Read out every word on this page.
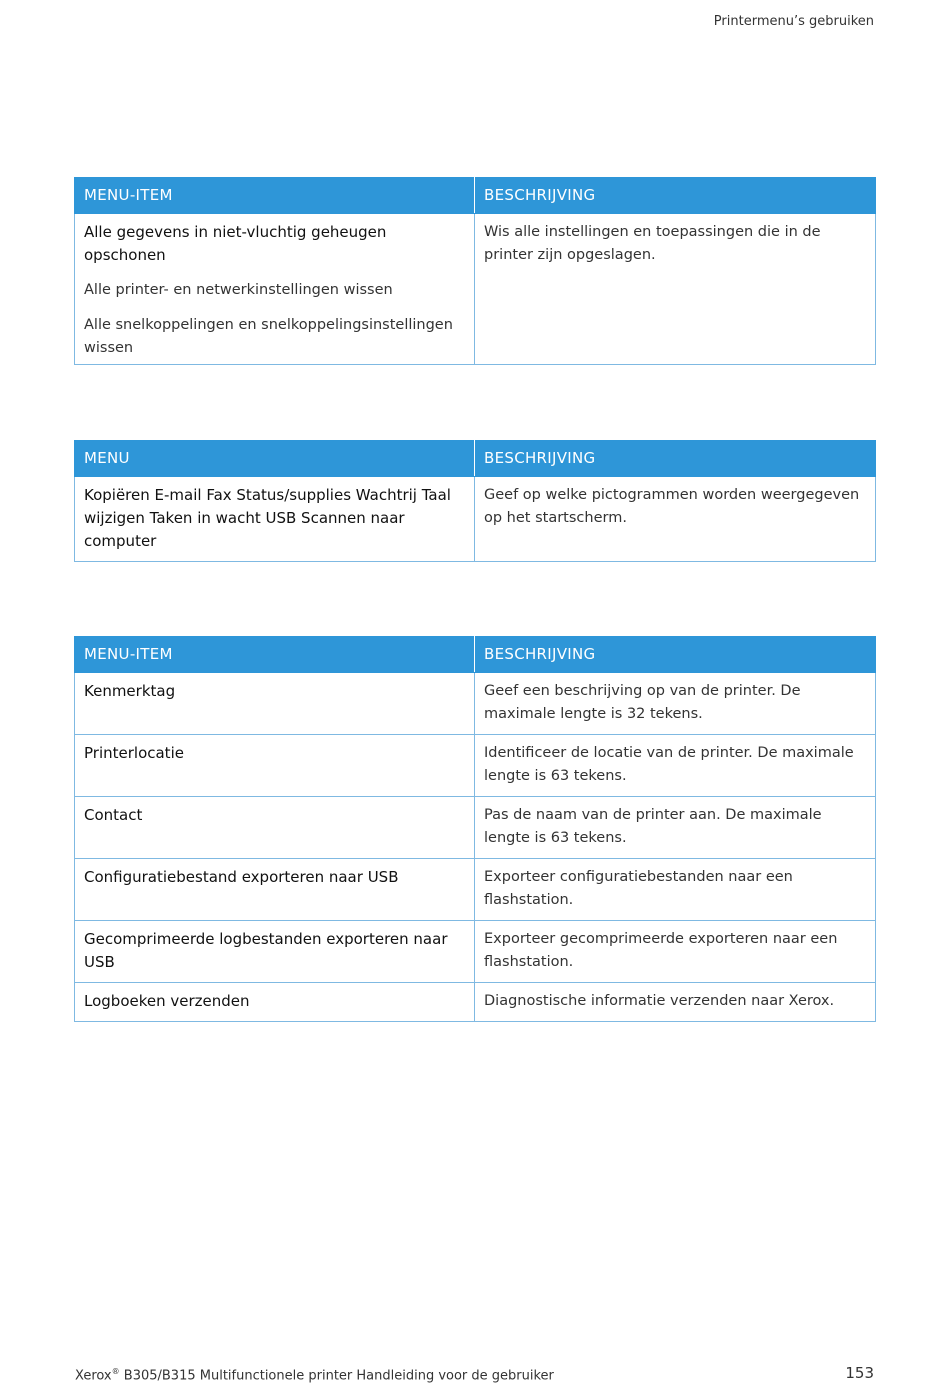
Printermenu’s gebruiken
MENU-ITEM	BESCHRIJVING

Alle gegevens in niet-vluchtig geheugen opschonen
Alle printer- en netwerkinstellingen wissen
Alle snelkoppelingen en snelkoppelingsinstellingen wissen	Wis alle instellingen en toepassingen die in de printer zijn opgeslagen.
MENU	BESCHRIJVING
Kopiëren E-mail Fax Status/supplies Wachtrij Taal wijzigen Taken in wacht USB Scannen naar computer	Geef op welke pictogrammen worden weergegeven op het startscherm.
MENU-ITEM	BESCHRIJVING
Kenmerktag	Geef een beschrijving op van de printer. De maximale lengte is 32 tekens.
Printerlocatie	Identificeer de locatie van de printer. De maximale lengte is 63 tekens.
Contact	Pas de naam van de printer aan. De maximale lengte is 63 tekens.
Configuratiebestand exporteren naar USB	Exporteer configuratiebestanden naar een flashstation.
Gecomprimeerde logbestanden exporteren naar USB	Exporteer gecomprimeerde exporteren naar een flashstation.
Logboeken verzenden	Diagnostische informatie verzenden naar Xerox.
Xerox® B305/B315 Multifunctionele printer Handleiding voor de gebruiker	153
